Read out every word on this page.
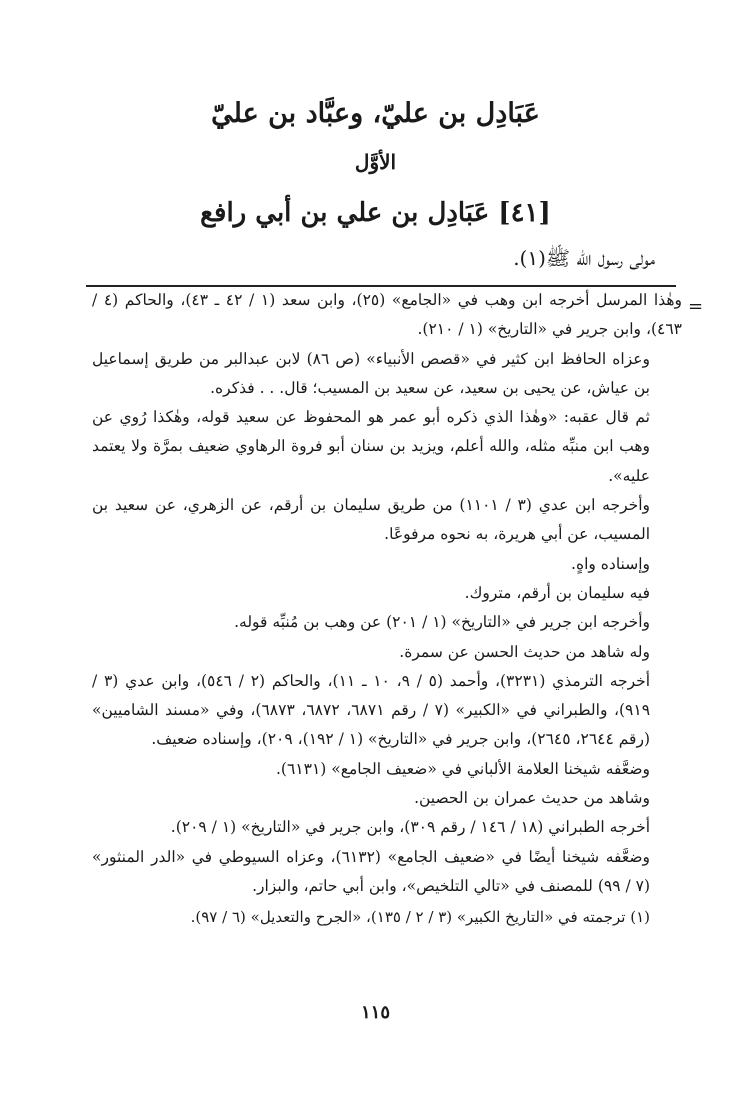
عَبَادِل بن عليّ، وعبَّاد بن عليّ
الأوَّل
[٤١] عَبَادِل بن علي بن أبي رافع
مولى رسول الله ﷺ(١).
=

وهٰذا المرسل أخرجه ابن وهب في «الجامع» (٢٥)، وابن سعد (١ / ٤٢ ـ ٤٣)، والحاكم (٤ / ٤٦٣)، وابن جرير في «التاريخ» (١ / ٢١٠).

وعزاه الحافظ ابن كثير في «قصص الأنبياء» (ص ٨٦) لابن عبدالبر من طريق إسماعيل بن عياش، عن يحيى بن سعيد، عن سعيد بن المسيب؛ قال. . . فذكره.

ثم قال عقبه: «وهٰذا الذي ذكره أبو عمر هو المحفوظ عن سعيد قوله، وهٰكذا رُوي عن وهب ابن منبِّه مثله، والله أعلم، ويزيد بن سنان أبو فروة الرهاوي ضعيف بمرَّة ولا يعتمد عليه».

وأخرجه ابن عدي (٣ / ١١٠١) من طريق سليمان بن أرقم، عن الزهري، عن سعيد بن المسيب، عن أبي هريرة، به نحوه مرفوعًا.

وإسناده واهٍ.

فيه سليمان بن أرقم، متروك.

وأخرجه ابن جرير في «التاريخ» (١ / ٢٠١) عن وهب بن مُنبِّه قوله.

وله شاهد من حديث الحسن عن سمرة.

أخرجه الترمذي (٣٢٣١)، وأحمد (٥ / ٩، ١٠ ـ ١١)، والحاكم (٢ / ٥٤٦)، وابن عدي (٣ / ٩١٩)، والطبراني في «الكبير» (٧ / رقم ٦٨٧١، ٦٨٧٢، ٦٨٧٣)، وفي «مسند الشاميين» (رقم ٢٦٤٤، ٢٦٤٥)، وابن جرير في «التاريخ» (١ / ١٩٢)، ٢٠٩)، وإسناده ضعيف.

وضعَّفه شيخنا العلامة الألباني في «ضعيف الجامع» (٦١٣١).

وشاهد من حديث عمران بن الحصين.

أخرجه الطبراني (١٨ / ١٤٦ / رقم ٣٠٩)، وابن جرير في «التاريخ» (١ / ٢٠٩).

وضعَّفه شيخنا أيضًا في «ضعيف الجامع» (٦١٣٢)، وعزاه السيوطي في «الدر المنثور» (٧ / ٩٩) للمصنف في «تالي التلخيص»، وابن أبي حاتم، والبزار.

(١) ترجمته في «التاريخ الكبير» (٣ / ٢ / ١٣٥)، «الجرح والتعديل» (٦ / ٩٧).

١١٥
